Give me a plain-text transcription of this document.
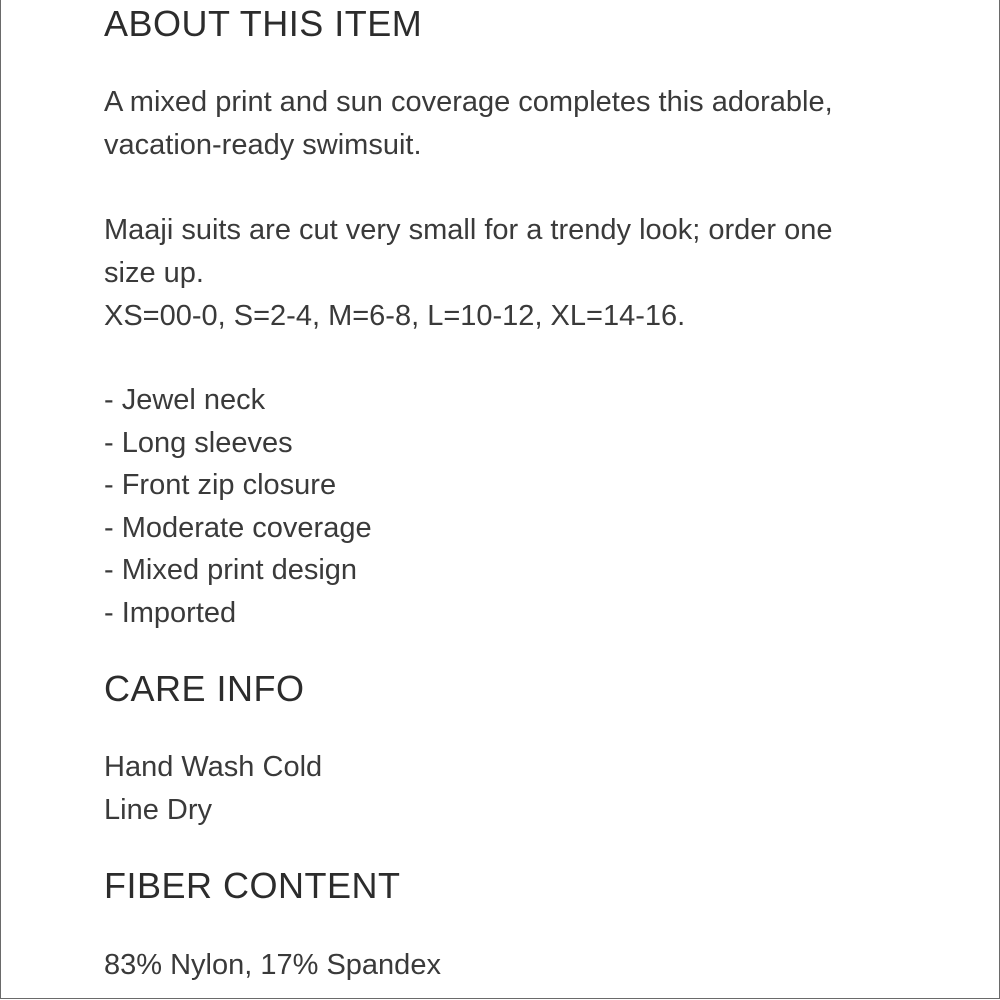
ABOUT THIS ITEM

A mixed print and sun coverage completes this adorable,
vacation-ready swimsuit.

Maaji suits are cut very small for a trendy look; order one
size up.
XS=00-0, S=2-4, M=6-8, L=10-12, XL=14-16.

- Jewel neck
- Long sleeves
- Front zip closure
- Moderate coverage
- Mixed print design
- Imported
CARE INFO

Hand Wash Cold
Line Dry

FIBER CONTENT

83% Nylon, 17% Spandex
